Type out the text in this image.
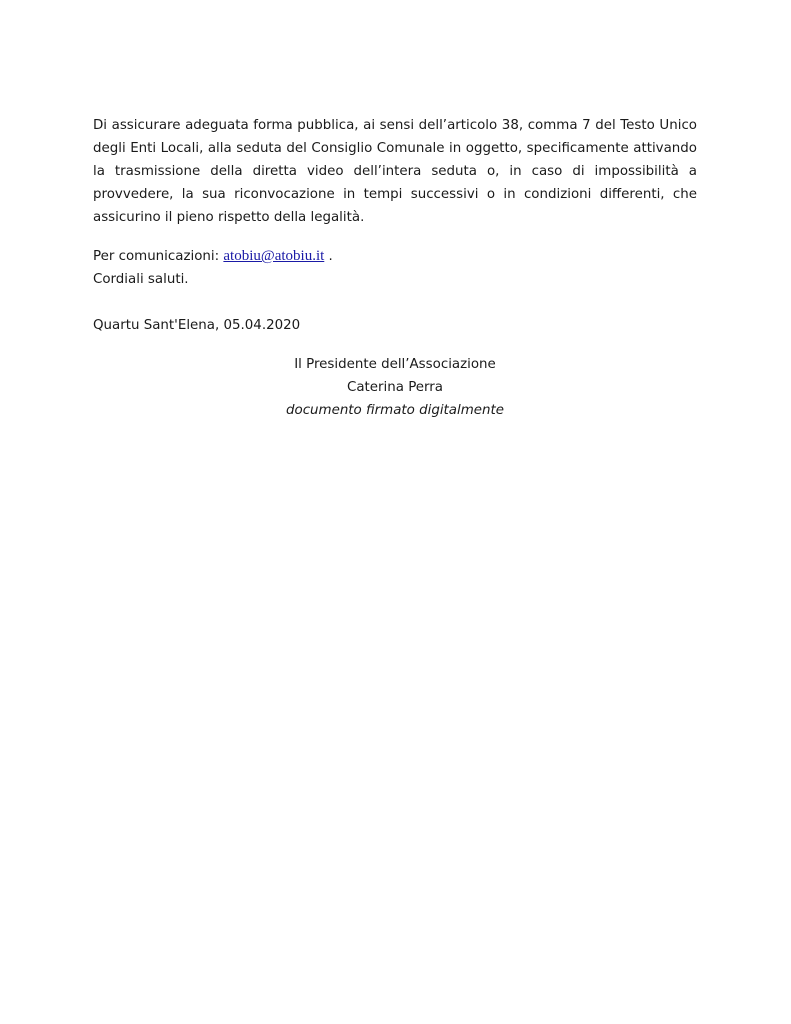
Di assicurare adeguata forma pubblica, ai sensi dell’articolo 38, comma 7 del Testo Unico degli Enti Locali, alla seduta del Consiglio Comunale in oggetto, specificamente attivando la trasmissione della diretta video dell’intera seduta o, in caso di impossibilità a provvedere, la sua riconvocazione in tempi successivi o in condizioni differenti, che assicurino il pieno rispetto della legalità.

Per comunicazioni: atobiu@atobiu.it .

Cordiali saluti.

Quartu Sant'Elena, 05.04.2020

Il Presidente dell’Associazione

Caterina Perra

documento firmato digitalmente
